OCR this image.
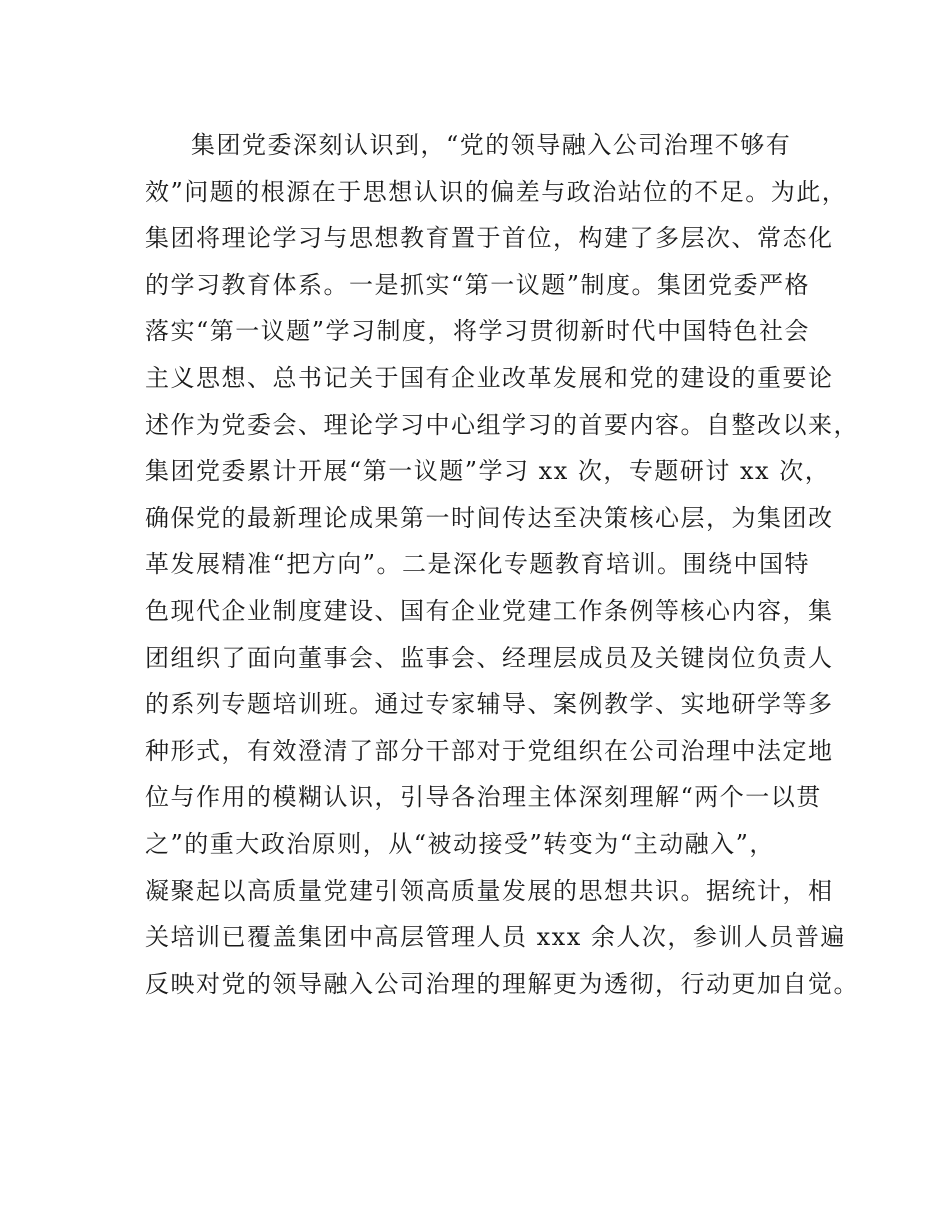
集团党委深刻认识到，“党的领导融入公司治理不够有
效”问题的根源在于思想认识的偏差与政治站位的不足。为此，
集团将理论学习与思想教育置于首位，构建了多层次、常态化
的学习教育体系。一是抓实“第一议题”制度。集团党委严格
落实“第一议题”学习制度，将学习贯彻新时代中国特色社会
主义思想、总书记关于国有企业改革发展和党的建设的重要论
述作为党委会、理论学习中心组学习的首要内容。自整改以来，
集团党委累计开展“第一议题”学习 xx 次，专题研讨 xx 次，
确保党的最新理论成果第一时间传达至决策核心层，为集团改
革发展精准“把方向”。二是深化专题教育培训。围绕中国特
色现代企业制度建设、国有企业党建工作条例等核心内容，集
团组织了面向董事会、监事会、经理层成员及关键岗位负责人
的系列专题培训班。通过专家辅导、案例教学、实地研学等多
种形式，有效澄清了部分干部对于党组织在公司治理中法定地
位与作用的模糊认识，引导各治理主体深刻理解“两个一以贯
之”的重大政治原则，从“被动接受”转变为“主动融入”，
凝聚起以高质量党建引领高质量发展的思想共识。据统计，相
关培训已覆盖集团中高层管理人员 xxx 余人次，参训人员普遍
反映对党的领导融入公司治理的理解更为透彻，行动更加自觉。
